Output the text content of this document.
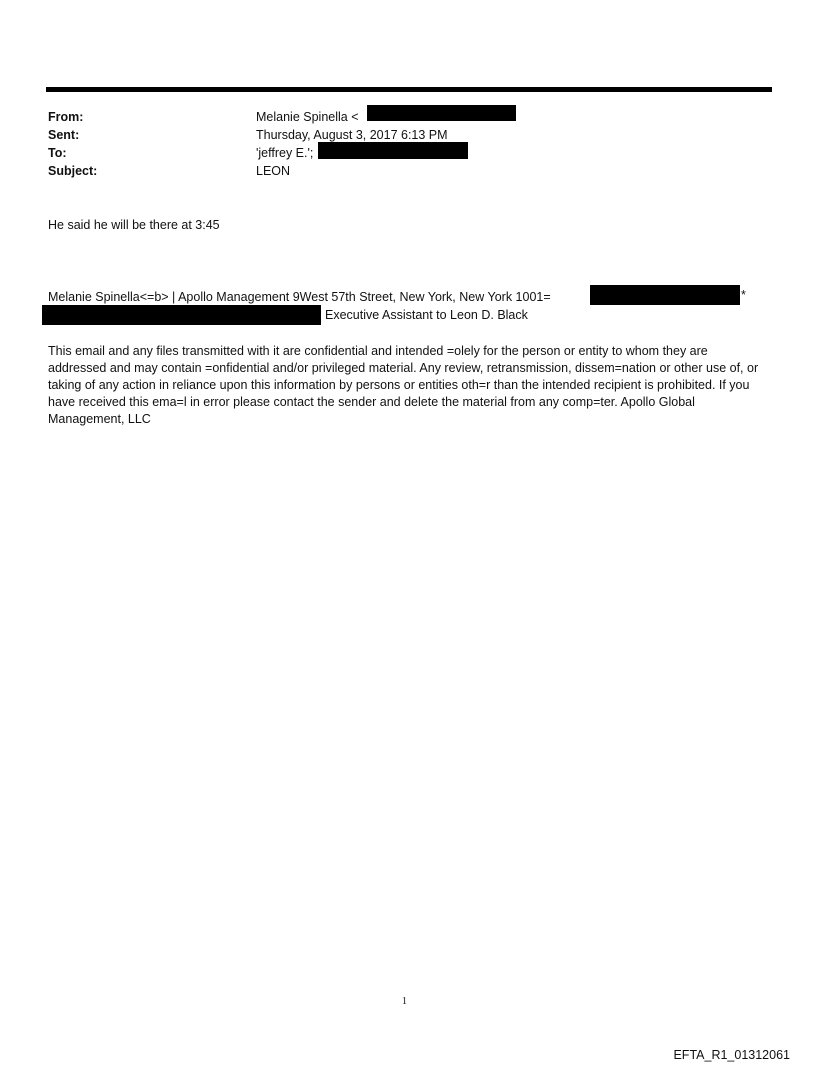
From:	Melanie Spinella <
Sent:	Thursday, August 3, 2017 6:13 PM
To:	'jeffrey E.';
Subject:	LEON
He said he will be there at 3:45
Melanie Spinella<=b> | Apollo Management 9West 57th Street, New York, New York 1001=	*
Executive Assistant to Leon D. Black
This email and any files transmitted with it are confidential and intended =olely for the person or entity to whom they are addressed and may contain =onfidential and/or privileged material. Any review, retransmission, dissem=nation or other use of, or taking of any action in reliance upon this information by persons or entities oth=r than the intended recipient is prohibited. If you have received this ema=l in error please contact the sender and delete the material from any comp=ter. Apollo Global Management, LLC
1
EFTA_R1_01312061
